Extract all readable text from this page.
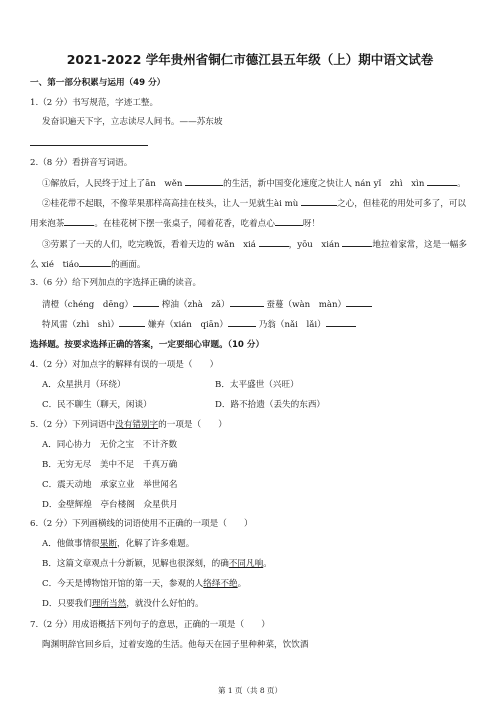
2021-2022 学年贵州省铜仁市德江县五年级（上）期中语文试卷
一、第一部分积累与运用（49 分）
1.（2 分）书写规范，字迹工整。
发奋识遍天下字，立志读尽人间书。——苏东坡
2.（8 分）看拼音写词语。
①解放后，人民终于过上了ān　wěn	的生活，新中国变化速度之快让人 nán yǐ　zhì　xìn	。
②桂花带不起眼，不像苹果那样高高挂在枝头，让人一见就生ài mù	之心，但桂花的用处可多了，可以
用来泡茶	。在桂花树下摆一张桌子，闻着花香，吃着点心	呀！
③劳累了一天的人们，吃完晚饭，看着天边的 wǎn　xiá	，yōu　xián	地拉着家常，这是一幅多
么 xié　tiáo	的画面。
3.（6 分）给下列加点的字选择正确的读音。
清橙（chéng　dēng）	榨油（zhà　zǎ）	蚕蔓（wàn　màn）
特风雷（zhì　shì）	嫌弃（xián　qiān）	乃翁（nǎi　lǎi）
选择题。按要求选择正确的答案，一定要细心审题。（10 分）
4.（2 分）对加点字的解释有误的一项是（　　）
A．众星拱月（环绕）	B．太平盛世（兴旺）
C．民不聊生（聊天，闲谈）	D．路不拾遗（丢失的东西）
5.（2 分）下列词语中没有错别字的一项是（　　）
A．同心协力　无价之宝　不计齐数
B．无穷无尽　美中不足　千真万确
C．震天动地　承家立业　举世闻名
D．金壁辉煌　亭台楼阁　众星供月
6.（2 分）下列画横线的词语使用不正确的一项是（　　）
A．他做事情很果断，化解了许多难题。
B．这篇文章观点十分新颖，见解也很深刻，的确不同凡响。
C．今天是博物馆开馆的第一天，参观的人络绎不绝。
D．只要我们理所当然，就没什么好怕的。
7.（2 分）用成语概括下列句子的意思，正确的一项是（　　）
陶渊明辞官回乡后，过着安逸的生活。他每天在园子里种种菜，饮饮酒
第 1 页（共 8 页）
